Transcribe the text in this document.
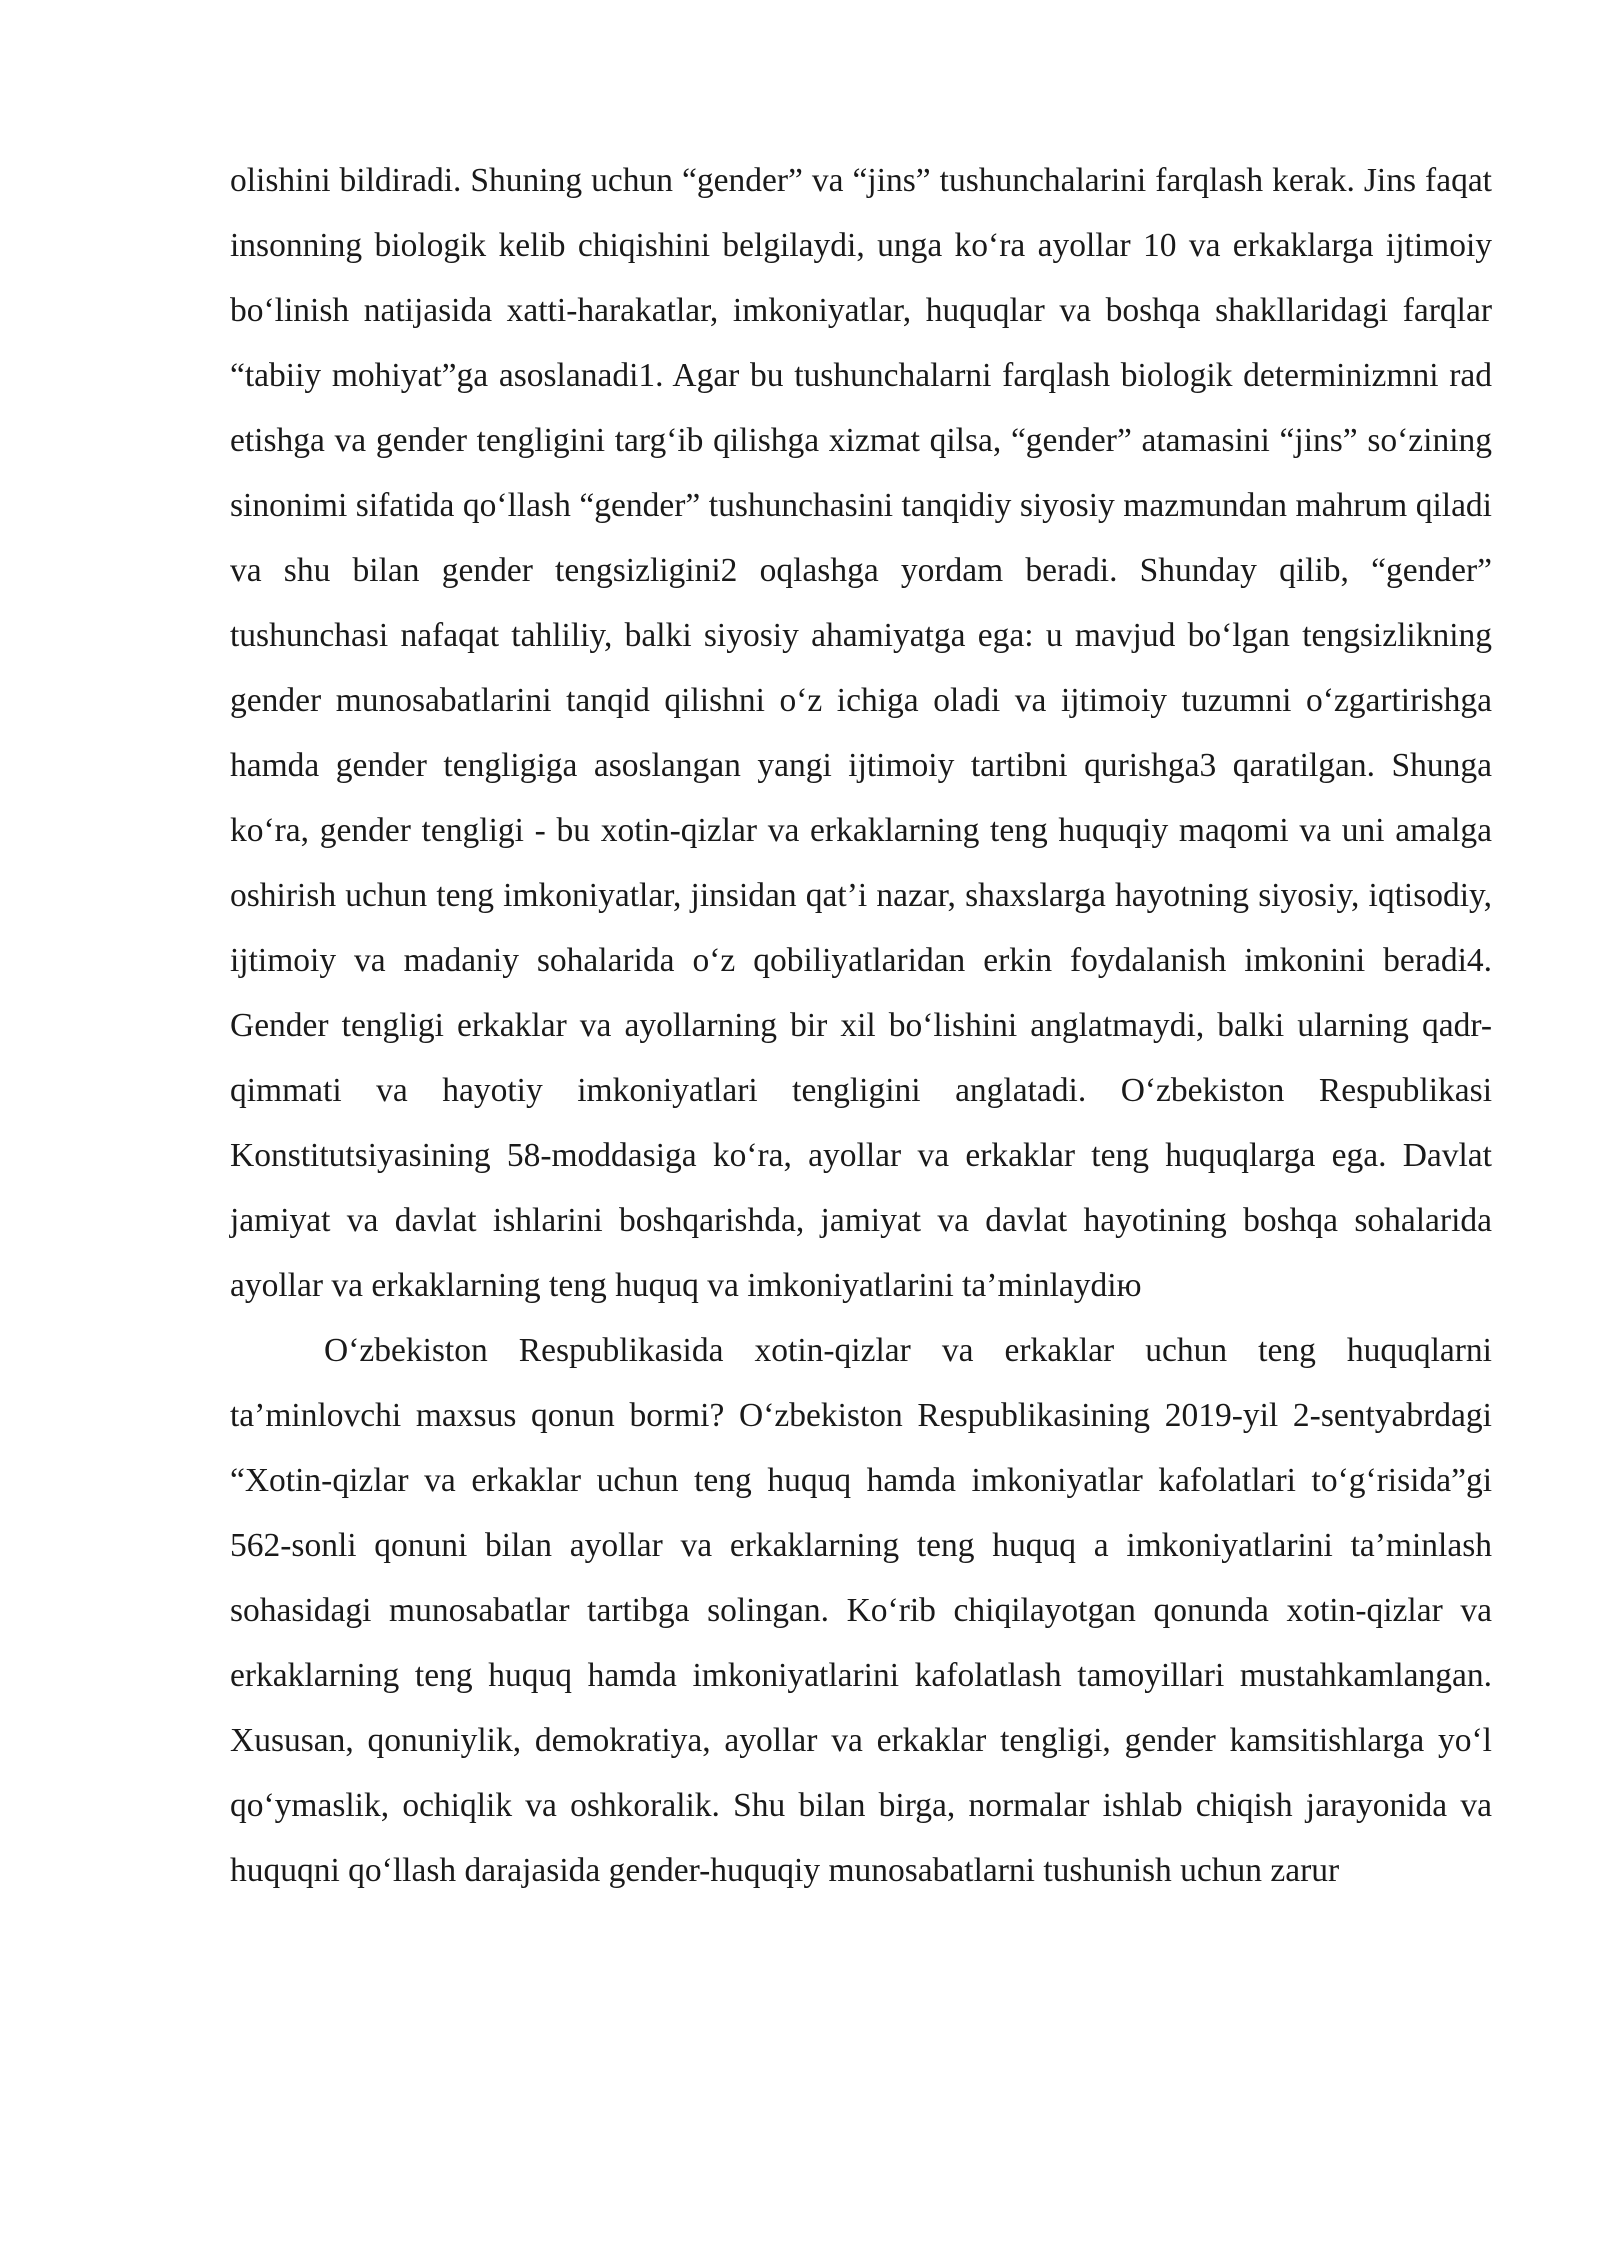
olishini bildiradi. Shuning uchun “gender” va “jins” tushunchalarini farqlash kerak. Jins faqat insonning biologik kelib chiqishini belgilaydi, unga ko‘ra ayollar 10 va erkaklarga ijtimoiy bo‘linish natijasida xatti-harakatlar, imkoniyatlar, huquqlar va boshqa shakllaridagi farqlar “tabiiy mohiyat”ga asoslanadi1. Agar bu tushunchalarni farqlash biologik determinizmni rad etishga va gender tengligini targ‘ib qilishga xizmat qilsa, “gender” atamasini “jins” so‘zining sinonimi sifatida qo‘llash “gender” tushunchasini tanqidiy siyosiy mazmundan mahrum qiladi va shu bilan gender tengsizligini2 oqlashga yordam beradi. Shunday qilib, “gender” tushunchasi nafaqat tahliliy, balki siyosiy ahamiyatga ega: u mavjud bo‘lgan tengsizlikning gender munosabatlarini tanqid qilishni o‘z ichiga oladi va ijtimoiy tuzumni o‘zgartirishga hamda gender tengligiga asoslangan yangi ijtimoiy tartibni qurishga3 qaratilgan. Shunga ko‘ra, gender tengligi - bu xotin-qizlar va erkaklarning teng huquqiy maqomi va uni amalga oshirish uchun teng imkoniyatlar, jinsidan qat’i nazar, shaxslarga hayotning siyosiy, iqtisodiy, ijtimoiy va madaniy sohalarida o‘z qobiliyatlaridan erkin foydalanish imkonini beradi4. Gender tengligi erkaklar va ayollarning bir xil bo‘lishini anglatmaydi, balki ularning qadr-qimmati va hayotiy imkoniyatlari tengligini anglatadi. O‘zbekiston Respublikasi Konstitutsiyasining 58-moddasiga ko‘ra, ayollar va erkaklar teng huquqlarga ega. Davlat jamiyat va davlat ishlarini boshqarishda, jamiyat va davlat hayotining boshqa sohalarida ayollar va erkaklarning teng huquq va imkoniyatlarini ta’minlaydiю

O‘zbekiston Respublikasida xotin-qizlar va erkaklar uchun teng huquqlarni ta’minlovchi maxsus qonun bormi? O‘zbekiston Respublikasining 2019-yil 2-sentyabrdagi “Xotin-qizlar va erkaklar uchun teng huquq hamda imkoniyatlar kafolatlari to‘g‘risida”gi 562-sonli qonuni bilan ayollar va erkaklarning teng huquq a imkoniyatlarini ta’minlash sohasidagi munosabatlar tartibga solingan. Ko‘rib chiqilayotgan qonunda xotin-qizlar va erkaklarning teng huquq hamda imkoniyatlarini kafolatlash tamoyillari mustahkamlangan. Xususan, qonuniylik, demokratiya, ayollar va erkaklar tengligi, gender kamsitishlarga yo‘l qo‘ymaslik, ochiqlik va oshkoralik. Shu bilan birga, normalar ishlab chiqish jarayonida va huquqni qo‘llash darajasida gender-huquqiy munosabatlarni tushunish uchun zarur
